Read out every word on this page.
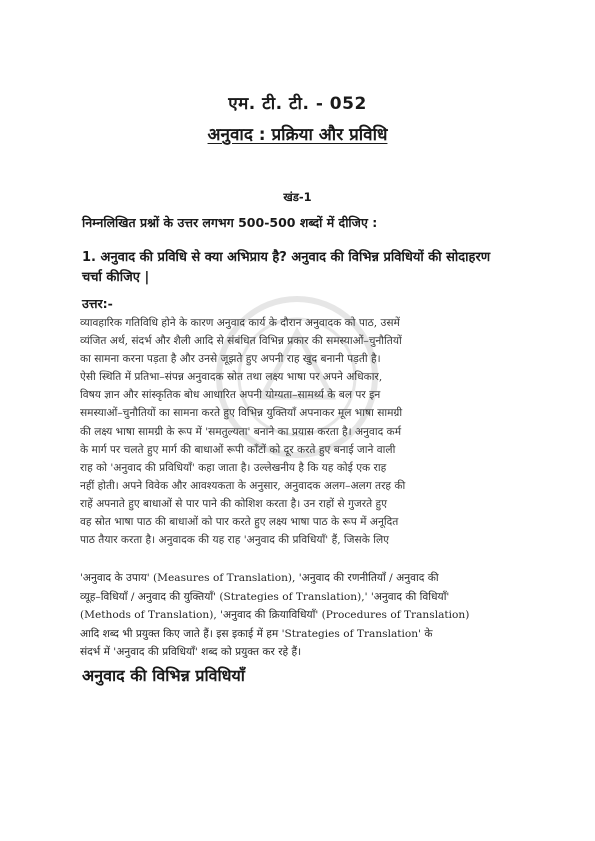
एम. टी. टी. - 052
अनुवाद : प्रक्रिया और प्रविधि
खंड-1
निम्नलिखित प्रश्नों के उत्तर लगभग 500-500 शब्दों में दीजिए :
1. अनुवाद की प्रविधि से क्या अभिप्राय है? अनुवाद की विभिन्न प्रविधियों की सोदाहरण
चर्चा कीजिए |
उत्तर:-
व्यावहारिक गतिविधि होने के कारण अनुवाद कार्य के दौरान अनुवादक को पाठ, उसमें
व्यंजित अर्थ, संदर्भ और शैली आदि से संबंधित विभिन्न प्रकार की समस्याओं–चुनौतियों
का सामना करना पड़ता है और उनसे जूझते हुए अपनी राह खुद बनानी पड़ती है।
ऐसी स्थिति में प्रतिभा–संपन्न अनुवादक स्रोत तथा लक्ष्य भाषा पर अपने अधिकार,
विषय ज्ञान और सांस्कृतिक बोध आधारित अपनी योग्यता–सामर्थ्य के बल पर इन
समस्याओं–चुनौतियों का सामना करते हुए विभिन्न युक्तियाँ अपनाकर मूल भाषा सामग्री
की लक्ष्य भाषा सामग्री के रूप में 'समतुल्यता' बनाने का प्रयास करता है। अनुवाद कर्म
के मार्ग पर चलते हुए मार्ग की बाधाओं रूपी काँटों को दूर करते हुए बनाई जाने वाली
राह को 'अनुवाद की प्रविधियाँ' कहा जाता है। उल्लेखनीय है कि यह कोई एक राह
नहीं होती। अपने विवेक और आवश्यकता के अनुसार, अनुवादक अलग–अलग तरह की
राहें अपनाते हुए बाधाओं से पार पाने की कोशिश करता है। उन राहों से गुजरते हुए
वह स्रोत भाषा पाठ की बाधाओं को पार करते हुए लक्ष्य भाषा पाठ के रूप में अनूदित
पाठ तैयार करता है। अनुवादक की यह राह 'अनुवाद की प्रविधियाँ' हैं, जिसके लिए
'अनुवाद के उपाय' (Measures of Translation), 'अनुवाद की रणनीतियाँ / अनुवाद की
व्यूह–विधियाँ / अनुवाद की युक्तियाँ' (Strategies of Translation),' 'अनुवाद की विधियाँ'
(Methods of Translation), 'अनुवाद की क्रियाविधियाँ' (Procedures of Translation)
आदि शब्द भी प्रयुक्त किए जाते हैं। इस इकाई में हम 'Strategies of Translation' के
संदर्भ में 'अनुवाद की प्रविधियाँ' शब्द को प्रयुक्त कर रहे हैं।
अनुवाद की विभिन्न प्रविधियाँ
